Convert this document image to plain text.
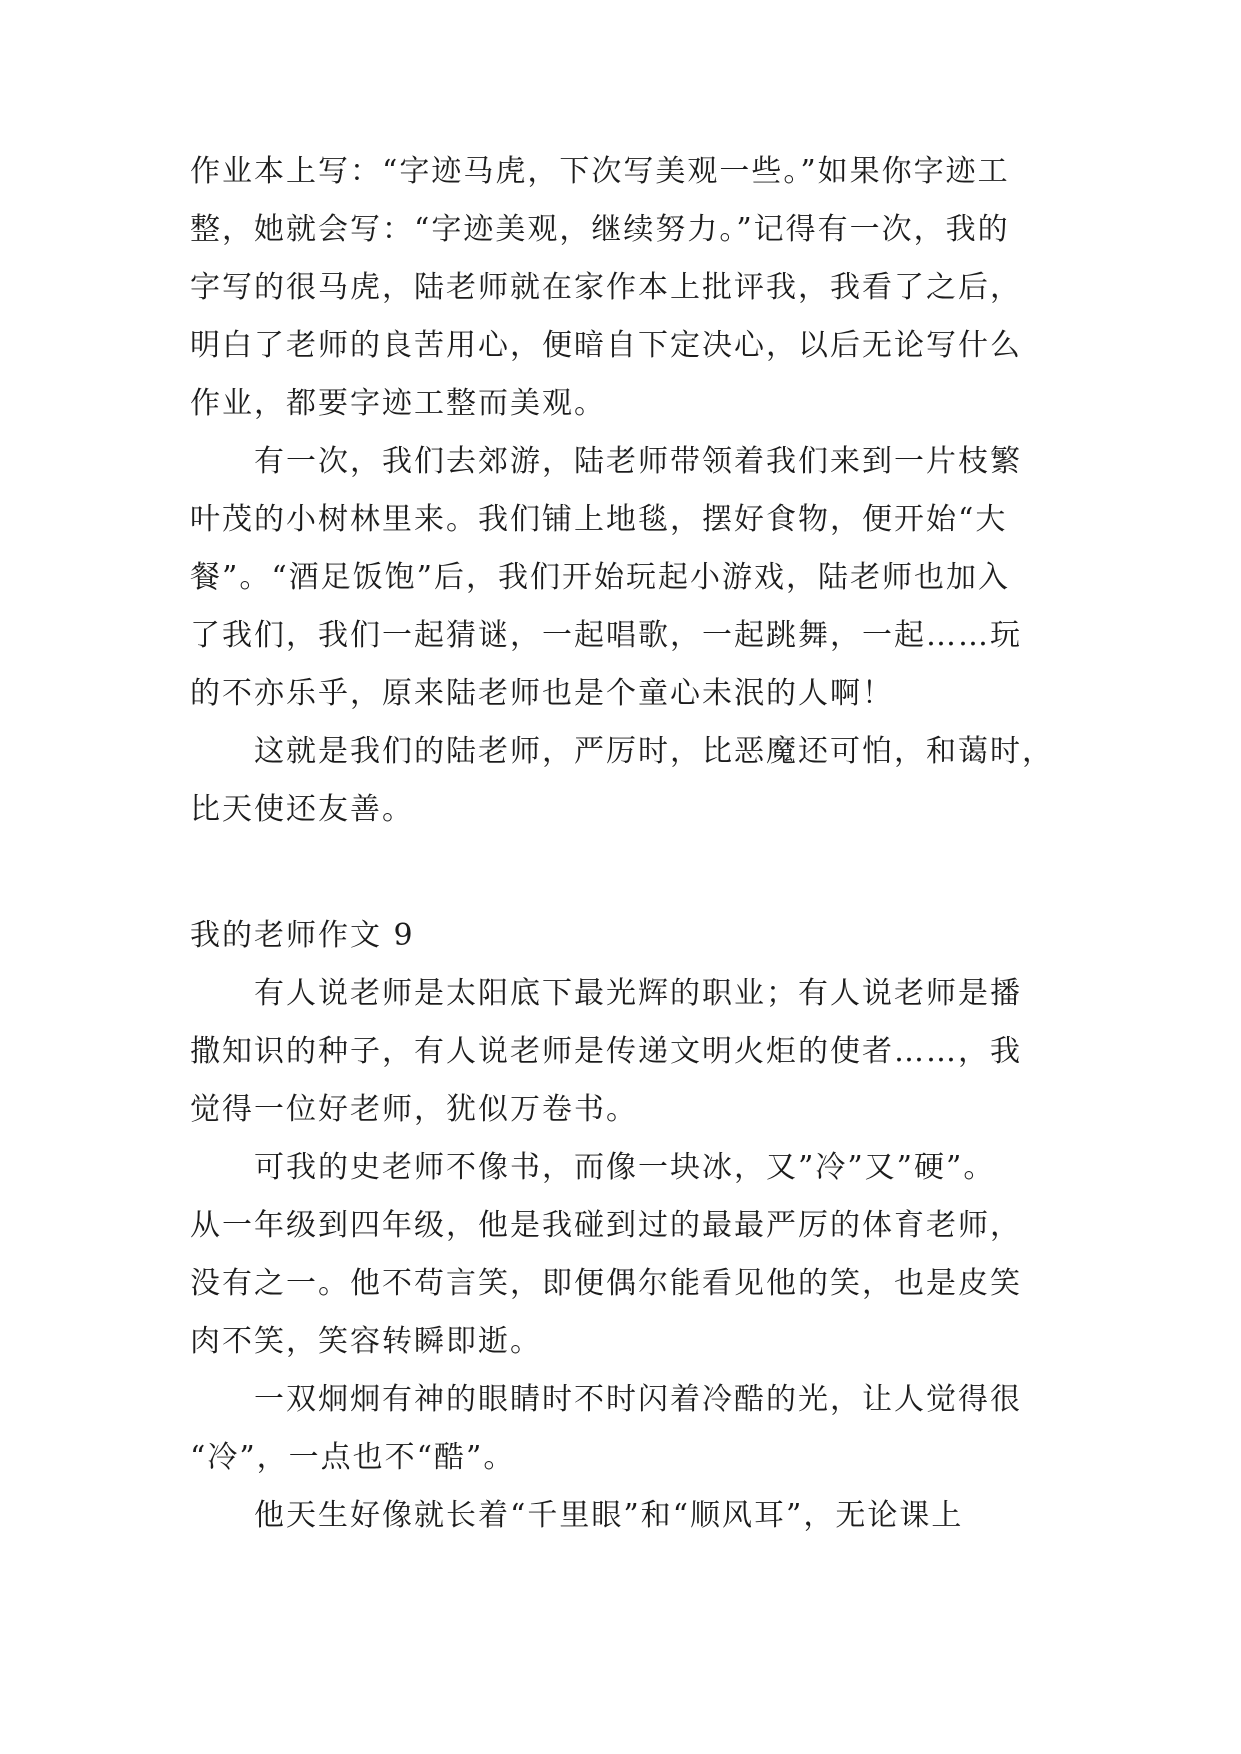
作业本上写：“字迹马虎，下次写美观一些。”如果你字迹工
整，她就会写：“字迹美观，继续努力。”记得有一次，我的
字写的很马虎，陆老师就在家作本上批评我，我看了之后，
明白了老师的良苦用心，便暗自下定决心，以后无论写什么
作业，都要字迹工整而美观。
有一次，我们去郊游，陆老师带领着我们来到一片枝繁
叶茂的小树林里来。我们铺上地毯，摆好食物，便开始“大
餐”。“酒足饭饱”后，我们开始玩起小游戏，陆老师也加入
了我们，我们一起猜谜，一起唱歌，一起跳舞，一起……玩
的不亦乐乎，原来陆老师也是个童心未泯的人啊！
这就是我们的陆老师，严厉时，比恶魔还可怕，和蔼时，
比天使还友善。
我的老师作文 9
有人说老师是太阳底下最光辉的职业；有人说老师是播
撒知识的种子，有人说老师是传递文明火炬的使者……，我
觉得一位好老师，犹似万卷书。
可我的史老师不像书，而像一块冰，又”冷”又”硬”。
从一年级到四年级，他是我碰到过的最最严厉的体育老师，
没有之一。他不苟言笑，即便偶尔能看见他的笑，也是皮笑
肉不笑，笑容转瞬即逝。
一双炯炯有神的眼睛时不时闪着冷酷的光，让人觉得很
“冷”，一点也不“酷”。
他天生好像就长着“千里眼”和“顺风耳”，无论课上
